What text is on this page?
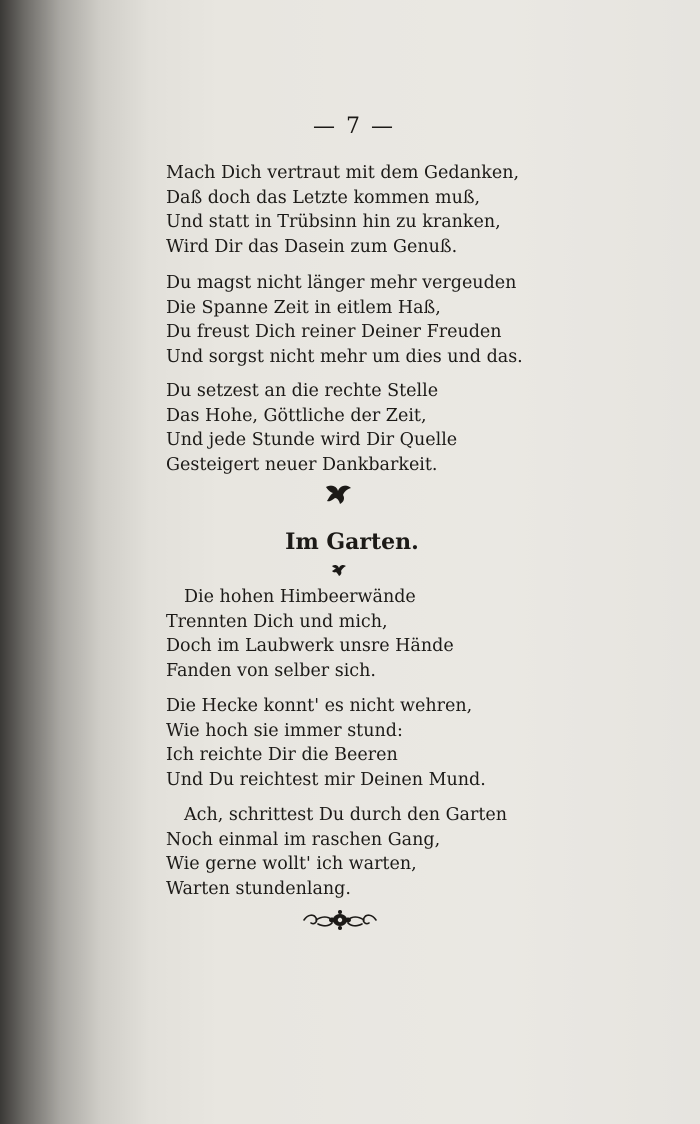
— 7 —
Mach Dich vertraut mit dem Gedanken,
Daß doch das Letzte kommen muß,
Und statt in Trübsinn hin zu kranken,
Wird Dir das Dasein zum Genuß.
Du magst nicht länger mehr vergeuden
Die Spanne Zeit in eitlem Haß,
Du freust Dich reiner Deiner Freuden
Und sorgst nicht mehr um dies und das.
Du setzest an die rechte Stelle
Das Hohe, Göttliche der Zeit,
Und jede Stunde wird Dir Quelle
Gesteigert neuer Dankbarkeit.
Im Garten.
Die hohen Himbeerwände
Trennten Dich und mich,
Doch im Laubwerk unsre Hände
Fanden von selber sich.
Die Hecke konnt' es nicht wehren,
Wie hoch sie immer stund:
Ich reichte Dir die Beeren
Und Du reichtest mir Deinen Mund.
Ach, schrittest Du durch den Garten
Noch einmal im raschen Gang,
Wie gerne wollt' ich warten,
Warten stundenlang.
